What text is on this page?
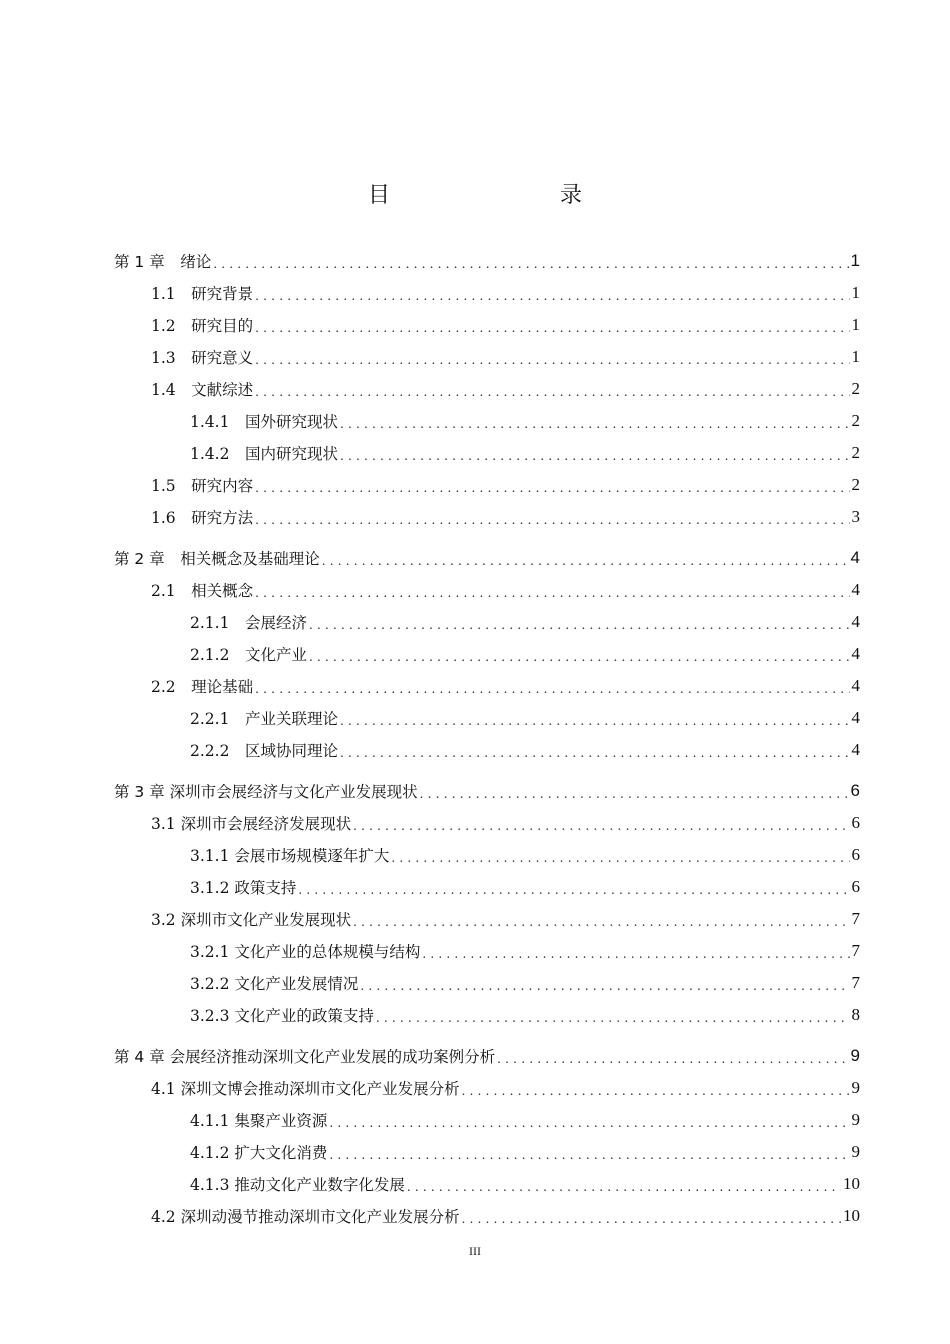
目　　录
第 1 章　绪论 .....	1
1.1　研究背景 .....	1
1.2　研究目的 .....	1
1.3　研究意义 .....	1
1.4　文献综述 .....	2
1.4.1　国外研究现状 .....	2
1.4.2　国内研究现状 .....	2
1.5　研究内容 .....	2
1.6　研究方法 .....	3
第 2 章　相关概念及基础理论 .....	4
2.1　相关概念 .....	4
2.1.1　会展经济 .....	4
2.1.2　文化产业 .....	4
2.2　理论基础 .....	4
2.2.1　产业关联理论 .....	4
2.2.2　区域协同理论 .....	4
第 3 章 深圳市会展经济与文化产业发展现状 .....	6
3.1 深圳市会展经济发展现状 .....	6
3.1.1 会展市场规模逐年扩大 .....	6
3.1.2 政策支持 .....	6
3.2 深圳市文化产业发展现状 .....	7
3.2.1 文化产业的总体规模与结构 .....	7
3.2.2 文化产业发展情况 .....	7
3.2.3 文化产业的政策支持 .....	8
第 4 章 会展经济推动深圳文化产业发展的成功案例分析 .....	9
4.1 深圳文博会推动深圳市文化产业发展分析 .....	9
4.1.1 集聚产业资源 .....	9
4.1.2 扩大文化消费 .....	9
4.1.3 推动文化产业数字化发展 .....	10
4.2 深圳动漫节推动深圳市文化产业发展分析 .....	10
III
